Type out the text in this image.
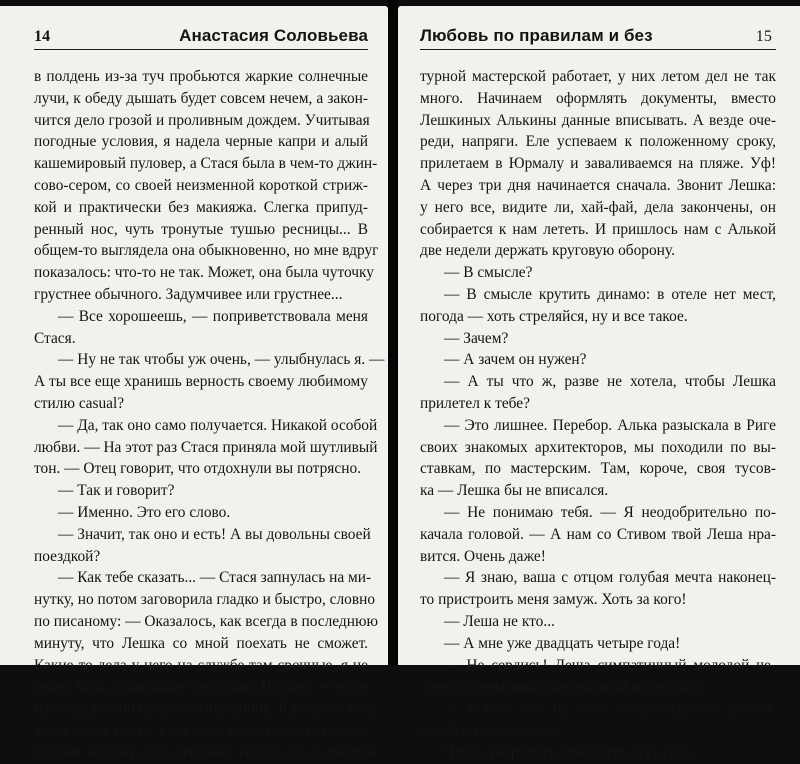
14	Анастасия Соловьева
в полдень из-за туч пробьются жаркие солнечные
лучи, к обеду дышать будет совсем нечем, а закон-
чится дело грозой и проливным дождем. Учитывая
погодные условия, я надела черные капри и алый
кашемировый пуловер, а Стася была в чем-то джин-
сово-сером, со своей неизменной короткой стриж-
кой и практически без макияжа. Слегка припуд-
ренный нос, чуть тронутые тушью ресницы... В
общем-то выглядела она обыкновенно, но мне вдруг
показалось: что-то не так. Может, она была чуточку
грустнее обычного. Задумчивее или грустнее...
— Все хорошеешь, — поприветствовала меня
Стася.
— Ну не так чтобы уж очень, — улыбнулась я. —
А ты все еще хранишь верность своему любимому
стилю casual?
— Да, так оно само получается. Никакой особой
любви. — На этот раз Стася приняла мой шутливый
тон. — Отец говорит, что отдохнули вы потрясно.
— Так и говорит?
— Именно. Это его слово.
— Значит, так оно и есть! А вы довольны своей
поездкой?
— Как тебе сказать... — Стася запнулась на ми-
нутку, но потом заговорила гладко и быстро, словно
по писаному: — Оказалось, как всегда в последнюю
минуту, что Лешка со мной поехать не сможет.
Какие-то дела у него на службе там срочные, я не
знаю. Мои дальнейшие действия? Ну ясно — начи-
наю судорожно искать компаньонов. Юрмала к тому
же не такое место, куда пипл рванет очертя голову.
Короче, нахожу одну девчонку Альку, она в архитек-
Любовь по правилам и без	15
турной мастерской работает, у них летом дел не так
много. Начинаем оформлять документы, вместо
Лешкиных Алькины данные вписывать. А везде оче-
реди, напряги. Еле успеваем к положенному сроку,
прилетаем в Юрмалу и заваливаемся на пляже. Уф!
А через три дня начинается сначала. Звонит Лешка:
у него все, видите ли, хай-фай, дела закончены, он
собирается к нам лететь. И пришлось нам с Алькой
две недели держать круговую оборону.
— В смысле?
— В смысле крутить динамо: в отеле нет мест,
погода — хоть стреляйся, ну и все такое.
— Зачем?
— А зачем он нужен?
— А ты что ж, разве не хотела, чтобы Лешка
прилетел к тебе?
— Это лишнее. Перебор. Алька разыскала в Риге
своих знакомых архитекторов, мы походили по вы-
ставкам, по мастерским. Там, короче, своя тусов-
ка — Лешка бы не вписался.
— Не понимаю тебя. — Я неодобрительно по-
качала головой. — А нам со Стивом твой Леша нра-
вится. Очень даже!
— Я знаю, ваша с отцом голубая мечта наконец-
то пристроить меня замуж. Хоть за кого!
— Леша не кто...
— А мне уже двадцать четыре года!
— Не сердись! Леша симпатичный молодой че-
ловек и серьезный финансовый журналист.
— Кстати, нет на свете ничего скучнее финан-
совой журналистики.
Чтобы разрядить атмосферу, я сказала:
